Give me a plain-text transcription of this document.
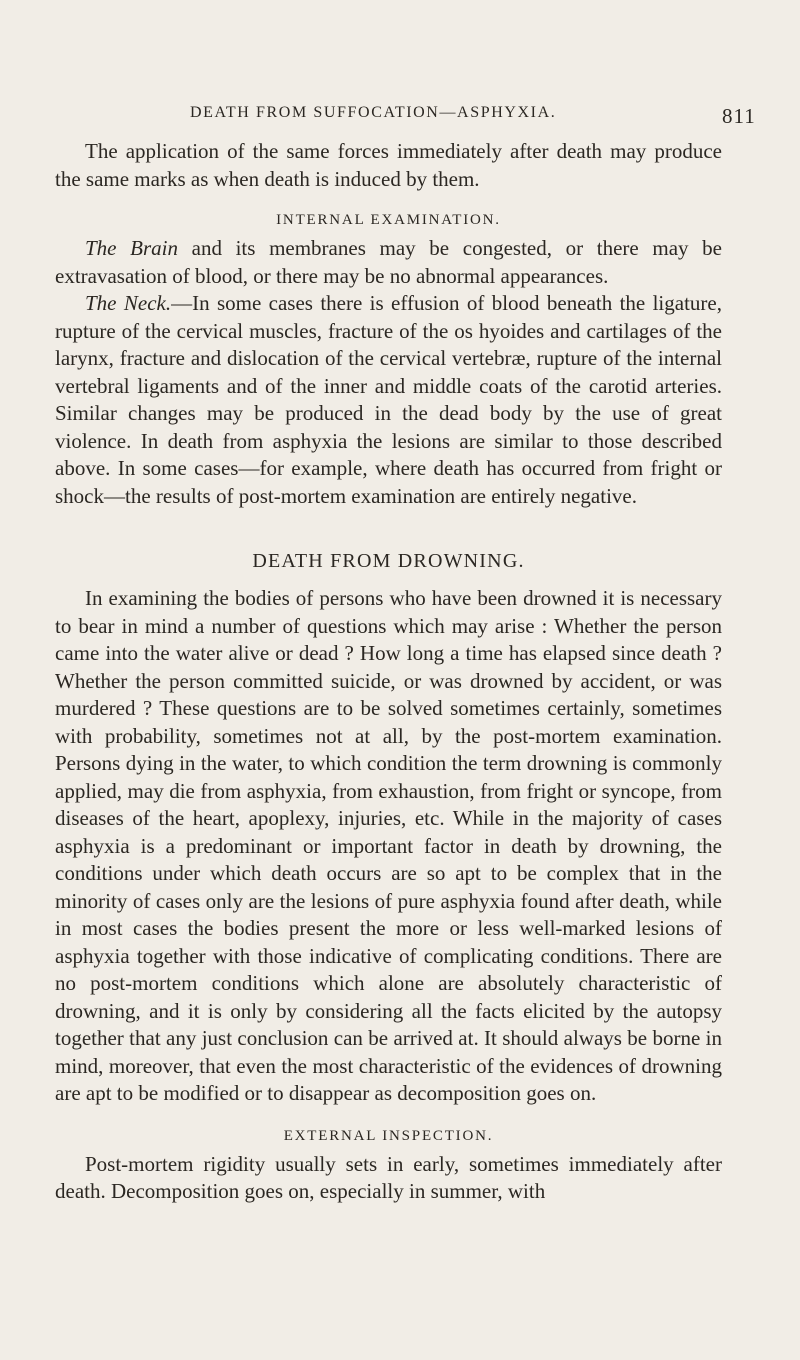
DEATH FROM SUFFOCATION—ASPHYXIA.	811

The application of the same forces immediately after death may produce the same marks as when death is induced by them.

INTERNAL EXAMINATION.

The Brain and its membranes may be congested, or there may be extravasation of blood, or there may be no abnormal appearances.

The Neck.—In some cases there is effusion of blood beneath the ligature, rupture of the cervical muscles, fracture of the os hyoides and cartilages of the larynx, fracture and dislocation of the cervical vertebræ, rupture of the internal vertebral ligaments and of the inner and middle coats of the carotid arteries. Similar changes may be produced in the dead body by the use of great violence. In death from asphyxia the lesions are similar to those described above. In some cases—for example, where death has occurred from fright or shock—the results of post-mortem examination are entirely negative.

DEATH FROM DROWNING.

In examining the bodies of persons who have been drowned it is necessary to bear in mind a number of questions which may arise : Whether the person came into the water alive or dead ? How long a time has elapsed since death ? Whether the person committed suicide, or was drowned by accident, or was murdered ? These questions are to be solved sometimes certainly, sometimes with probability, sometimes not at all, by the post-mortem examination. Persons dying in the water, to which condition the term drowning is commonly applied, may die from asphyxia, from exhaustion, from fright or syncope, from diseases of the heart, apoplexy, injuries, etc. While in the majority of cases asphyxia is a predominant or important factor in death by drowning, the conditions under which death occurs are so apt to be complex that in the minority of cases only are the lesions of pure asphyxia found after death, while in most cases the bodies present the more or less well-marked lesions of asphyxia together with those indicative of complicating conditions. There are no post-mortem conditions which alone are absolutely characteristic of drowning, and it is only by considering all the facts elicited by the autopsy together that any just conclusion can be arrived at. It should always be borne in mind, moreover, that even the most characteristic of the evidences of drowning are apt to be modified or to disappear as decomposition goes on.

EXTERNAL INSPECTION.

Post-mortem rigidity usually sets in early, sometimes immediately after death. Decomposition goes on, especially in summer, with
